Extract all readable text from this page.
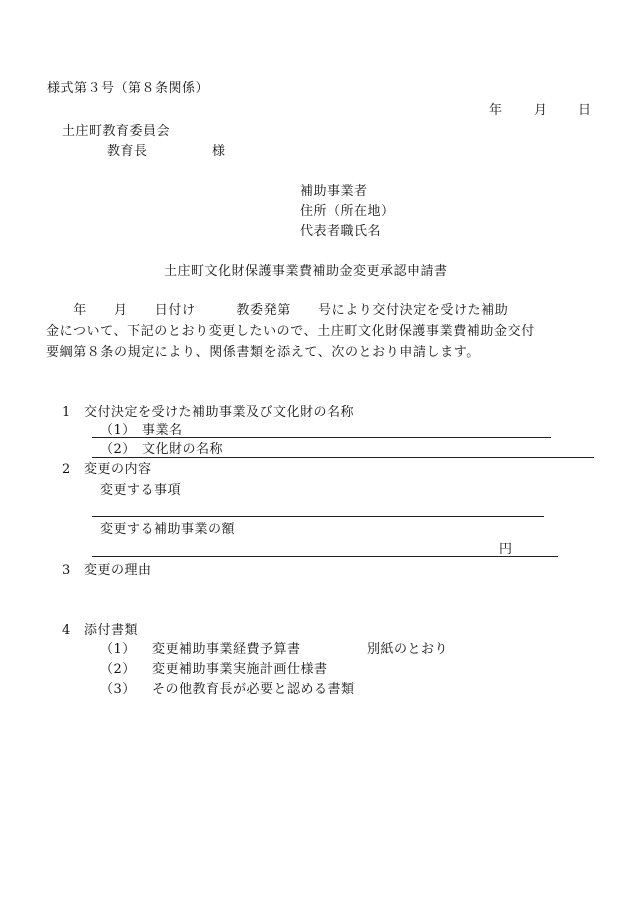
様式第３号（第８条関係）
年 月 日
土庄町教育委員会
教育長	様
補助事業者
住所（所在地）
代表者職氏名
土庄町文化財保護事業費補助金変更承認申請書
　　年　　月　　日付け　　　教委発第　　号により交付決定を受けた補助
金について、下記のとおり変更したいので、土庄町文化財保護事業費補助金交付
要綱第８条の規定により、関係書類を添えて、次のとおり申請します。
1 交付決定を受けた補助事業及び文化財の名称
（1） 事業名
（2） 文化財の名称
2 変更の内容
変更する事項
変更する補助事業の額
円
3 変更の理由
4 添付書類
（1） 変更補助事業経費予算書	別紙のとおり
（2） 変更補助事業実施計画仕様書
（3） その他教育長が必要と認める書類
